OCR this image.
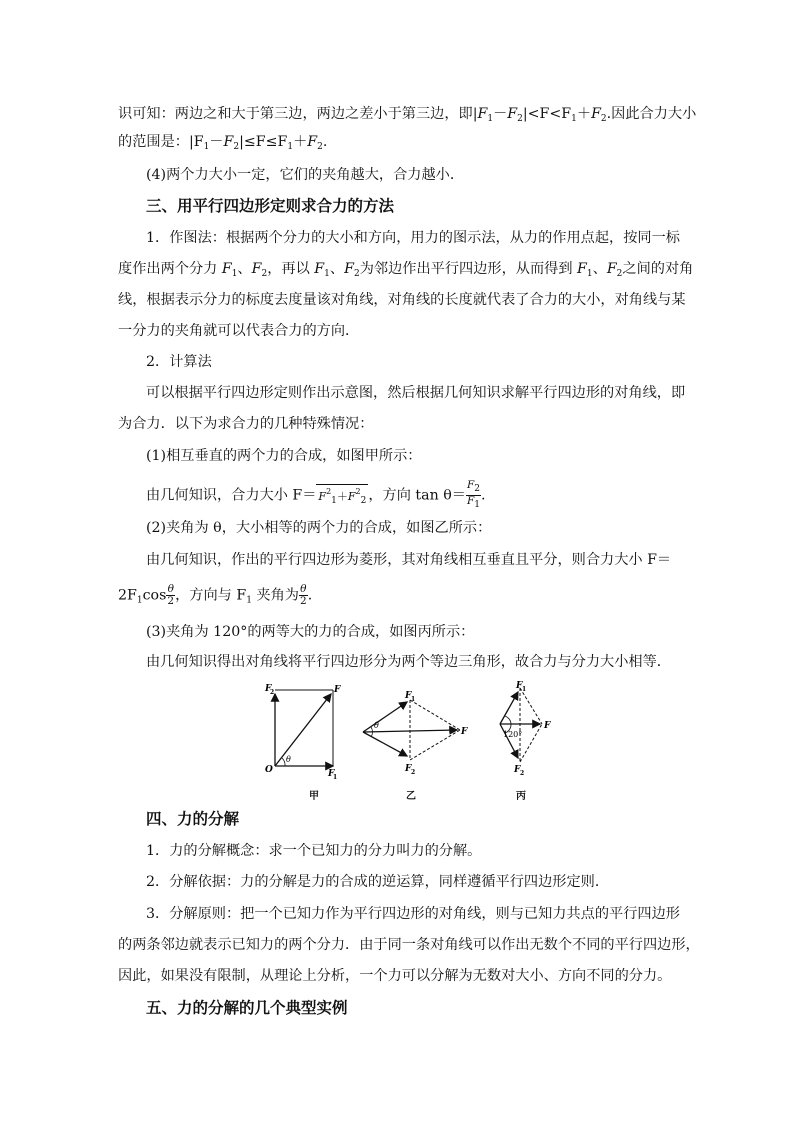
识可知：两边之和大于第三边，两边之差小于第三边，即$|F_1-F_2|<F<F_1+F_2$.因此合力大小
的范围是：$|F_1-F_2|\le F\le F_1+F_2$.
(4)两个力大小一定，它们的夹角越大，合力越小．
三、用平行四边形定则求合力的方法
1．作图法：根据两个分力的大小和方向，用力的图示法，从力的作用点起，按同一标
度作出两个分力 $F_1$、$F_2$，再以 $F_1$、$F_2$为邻边作出平行四边形，从而得到 $F_1$、$F_2$之间的对角
线，根据表示分力的标度去度量该对角线，对角线的长度就代表了合力的大小，对角线与某
一分力的夹角就可以代表合力的方向．
2．计算法
可以根据平行四边形定则作出示意图，然后根据几何知识求解平行四边形的对角线，即
为合力．以下为求合力的几种特殊情况：
(1)相互垂直的两个力的合成，如图甲所示：
由几何知识，合力大小 $F= F^2_1+F^2_2$ ，方向 $\tan \theta= \frac{F_2}{F_1}$ .
(2)夹角为 θ，大小相等的两个力的合成，如图乙所示：
由几何知识，作出的平行四边形为菱形，其对角线相互垂直且平分，则合力大小 F＝
$2F_1\cos \frac{\theta}{2}$ ，方向与 $F_1$ 夹角为 $\frac{\theta}{2}$ .
(3)夹角为 120°的两等大的力的合成，如图丙所示：
由几何知识得出对角线将平行四边形分为两个等边三角形，故合力与分力大小相等．
F
2	F
O
θ
F
1
甲
F 1
F 2
F
θ
乙
F 1
F 2
F
120°
丙
四、力的分解
1．力的分解概念：求一个已知力的分力叫力的分解。
2．分解依据：力的分解是力的合成的逆运算，同样遵循平行四边形定则．
3．分解原则：把一个已知力作为平行四边形的对角线，则与已知力共点的平行四边形
的两条邻边就表示已知力的两个分力．由于同一条对角线可以作出无数个不同的平行四边形，
因此，如果没有限制，从理论上分析，一个力可以分解为无数对大小、方向不同的分力。
五、力的分解的几个典型实例
